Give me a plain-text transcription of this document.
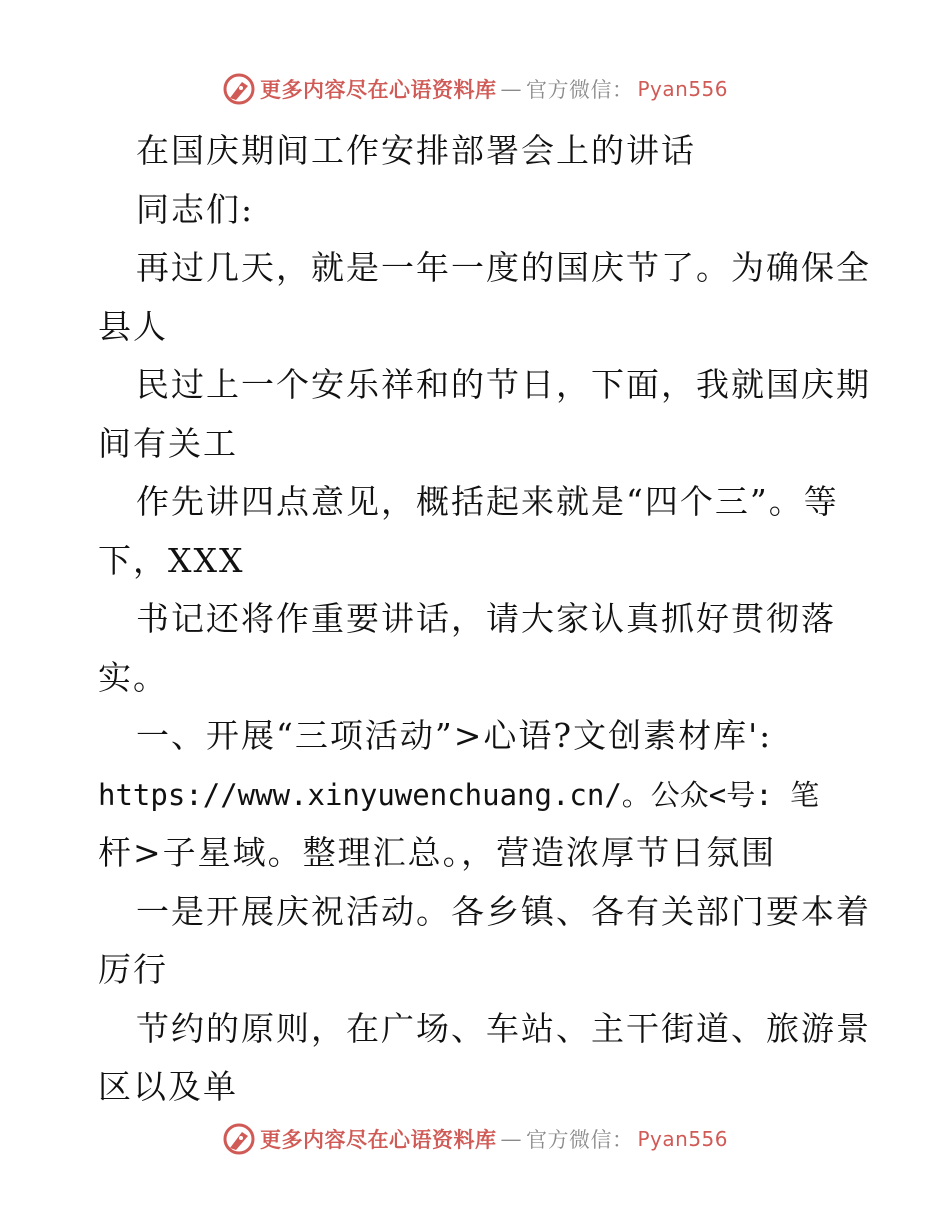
更多内容尽在心语资料库 — 官方微信： Pyan556
在国庆期间工作安排部署会上的讲话
同志们:
再过几天，就是一年一度的国庆节了。为确保全
县人
民过上一个安乐祥和的节日，下面，我就国庆期
间有关工
作先讲四点意见，概括起来就是“四个三”。等
下，XXX
书记还将作重要讲话，请大家认真抓好贯彻落
实。
一、开展“三项活动”>心语?文创素材库':
https://www.xinyuwenchuang.cn/。公众<号: 笔
杆>子星域。整理汇总。，营造浓厚节日氛围
一是开展庆祝活动。各乡镇、各有关部门要本着
厉行
节约的原则，在广场、车站、主干街道、旅游景
区以及单
更多内容尽在心语资料库 — 官方微信： Pyan556
